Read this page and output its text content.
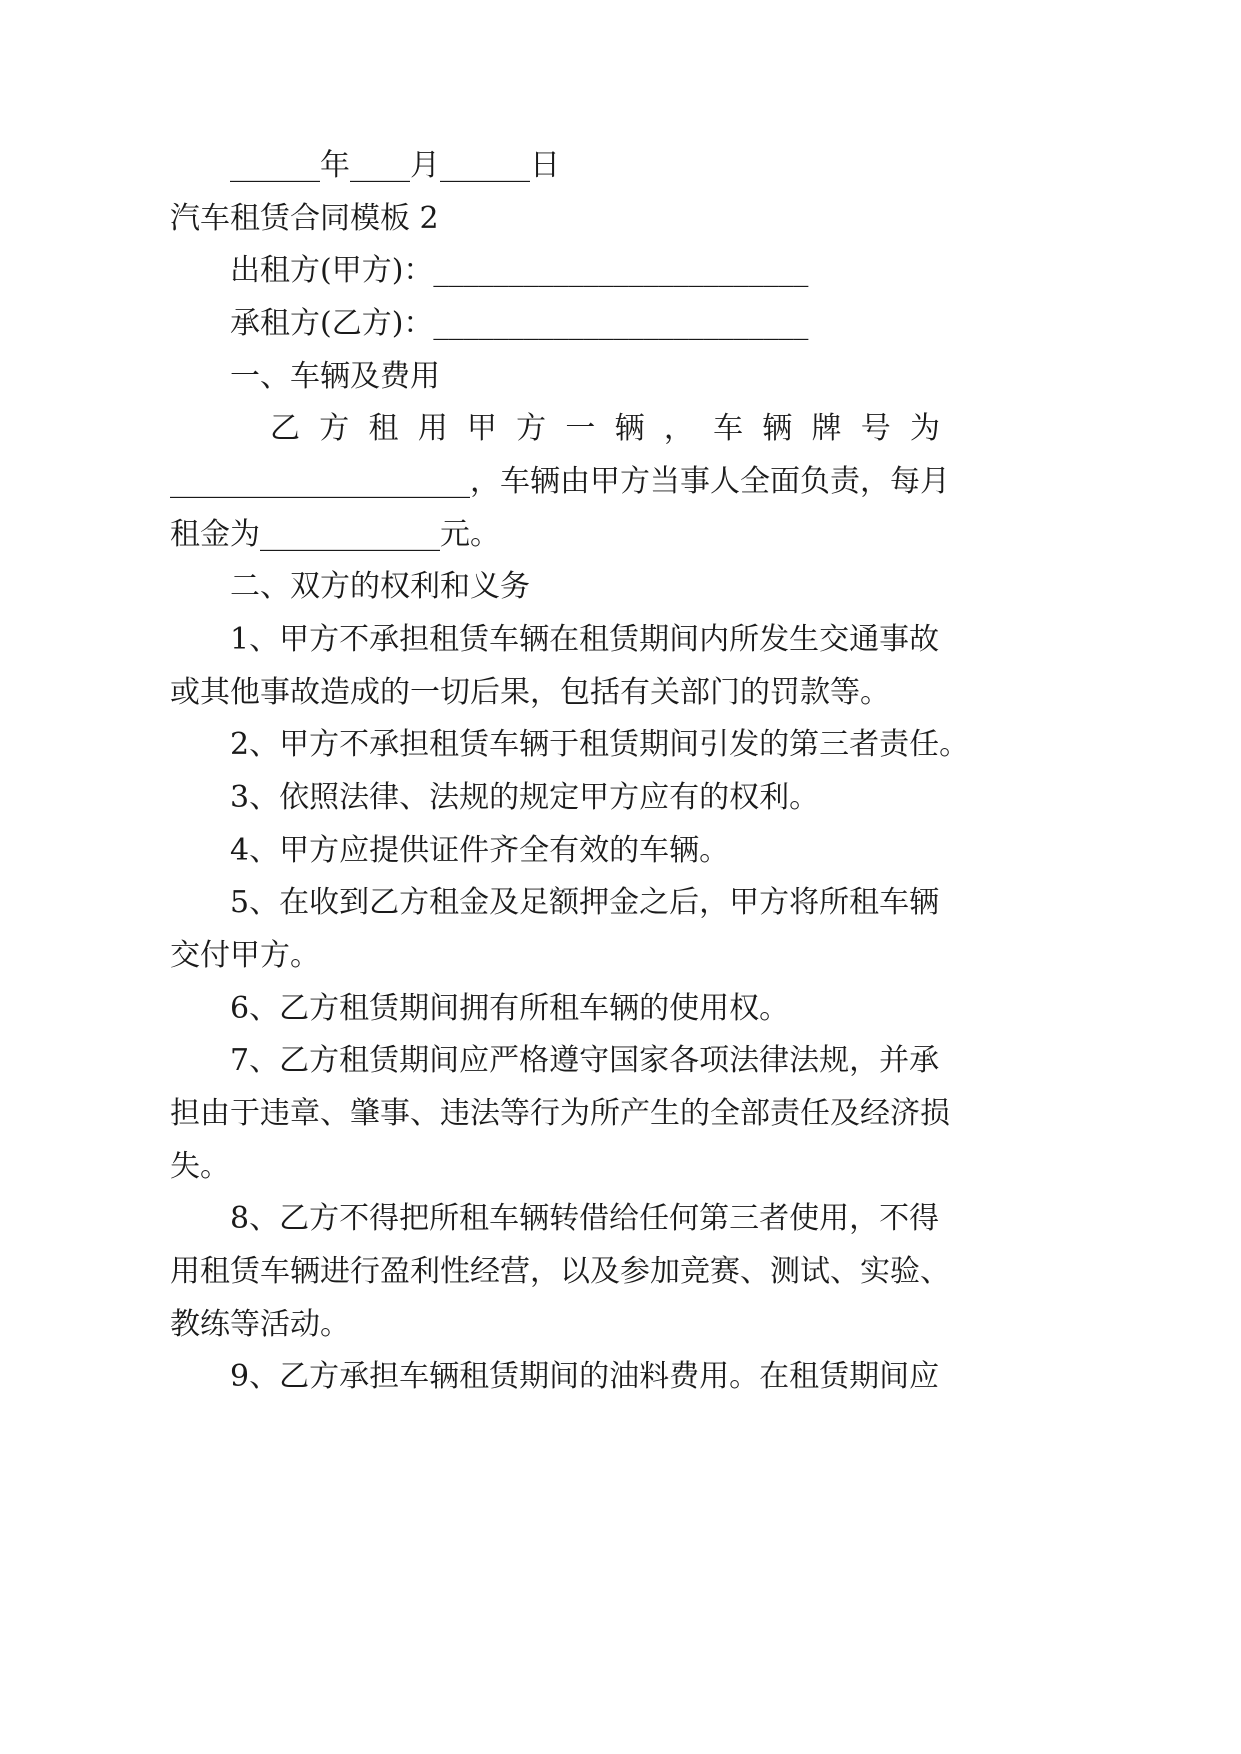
______年____月______日
汽车租赁合同模板 2
出租方(甲方)：_________________________
承租方(乙方)：_________________________
一、车辆及费用
乙方租用甲方一辆，车辆牌号为
____________________，车辆由甲方当事人全面负责，每月
租金为____________元。
二、双方的权利和义务
1、甲方不承担租赁车辆在租赁期间内所发生交通事故
或其他事故造成的一切后果，包括有关部门的罚款等。
2、甲方不承担租赁车辆于租赁期间引发的第三者责任。
3、依照法律、法规的规定甲方应有的权利。
4、甲方应提供证件齐全有效的车辆。
5、在收到乙方租金及足额押金之后，甲方将所租车辆
交付甲方。
6、乙方租赁期间拥有所租车辆的使用权。
7、乙方租赁期间应严格遵守国家各项法律法规，并承
担由于违章、肇事、违法等行为所产生的全部责任及经济损
失。
8、乙方不得把所租车辆转借给任何第三者使用，不得
用租赁车辆进行盈利性经营，以及参加竞赛、测试、实验、
教练等活动。
9、乙方承担车辆租赁期间的油料费用。在租赁期间应
